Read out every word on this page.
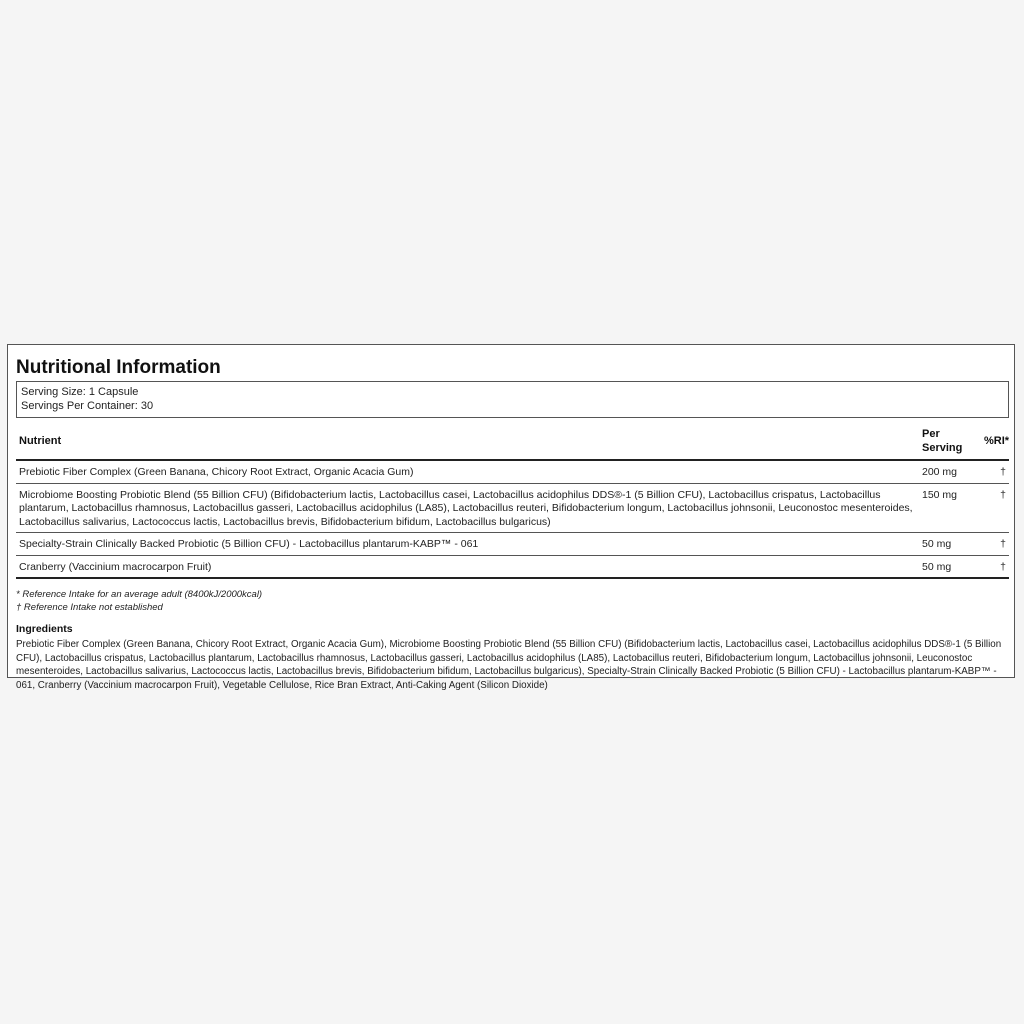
Nutritional Information
Serving Size: 1 Capsule
Servings Per Container: 30
Nutrient	Per Serving	%RI*
Prebiotic Fiber Complex (Green Banana, Chicory Root Extract, Organic Acacia Gum)	200 mg	†
Microbiome Boosting Probiotic Blend (55 Billion CFU) (Bifidobacterium lactis, Lactobacillus casei, Lactobacillus acidophilus DDS®-1 (5 Billion CFU), Lactobacillus crispatus, Lactobacillus plantarum, Lactobacillus rhamnosus, Lactobacillus gasseri, Lactobacillus acidophilus (LA85), Lactobacillus reuteri, Bifidobacterium longum, Lactobacillus johnsonii, Leuconostoc mesenteroides, Lactobacillus salivarius, Lactococcus lactis, Lactobacillus brevis, Bifidobacterium bifidum, Lactobacillus bulgaricus)	150 mg	†
Specialty-Strain Clinically Backed Probiotic (5 Billion CFU) - Lactobacillus plantarum-KABP™ - 061	50 mg	†
Cranberry (Vaccinium macrocarpon Fruit)	50 mg	†
* Reference Intake for an average adult (8400kJ/2000kcal)
† Reference Intake not established
Ingredients
Prebiotic Fiber Complex (Green Banana, Chicory Root Extract, Organic Acacia Gum), Microbiome Boosting Probiotic Blend (55 Billion CFU) (Bifidobacterium lactis, Lactobacillus casei, Lactobacillus acidophilus DDS®-1 (5 Billion CFU), Lactobacillus crispatus, Lactobacillus plantarum, Lactobacillus rhamnosus, Lactobacillus gasseri, Lactobacillus acidophilus (LA85), Lactobacillus reuteri, Bifidobacterium longum, Lactobacillus johnsonii, Leuconostoc mesenteroides, Lactobacillus salivarius, Lactococcus lactis, Lactobacillus brevis, Bifidobacterium bifidum, Lactobacillus bulgaricus), Specialty-Strain Clinically Backed Probiotic (5 Billion CFU) - Lactobacillus plantarum-KABP™ - 061, Cranberry (Vaccinium macrocarpon Fruit), Vegetable Cellulose, Rice Bran Extract, Anti-Caking Agent (Silicon Dioxide)
